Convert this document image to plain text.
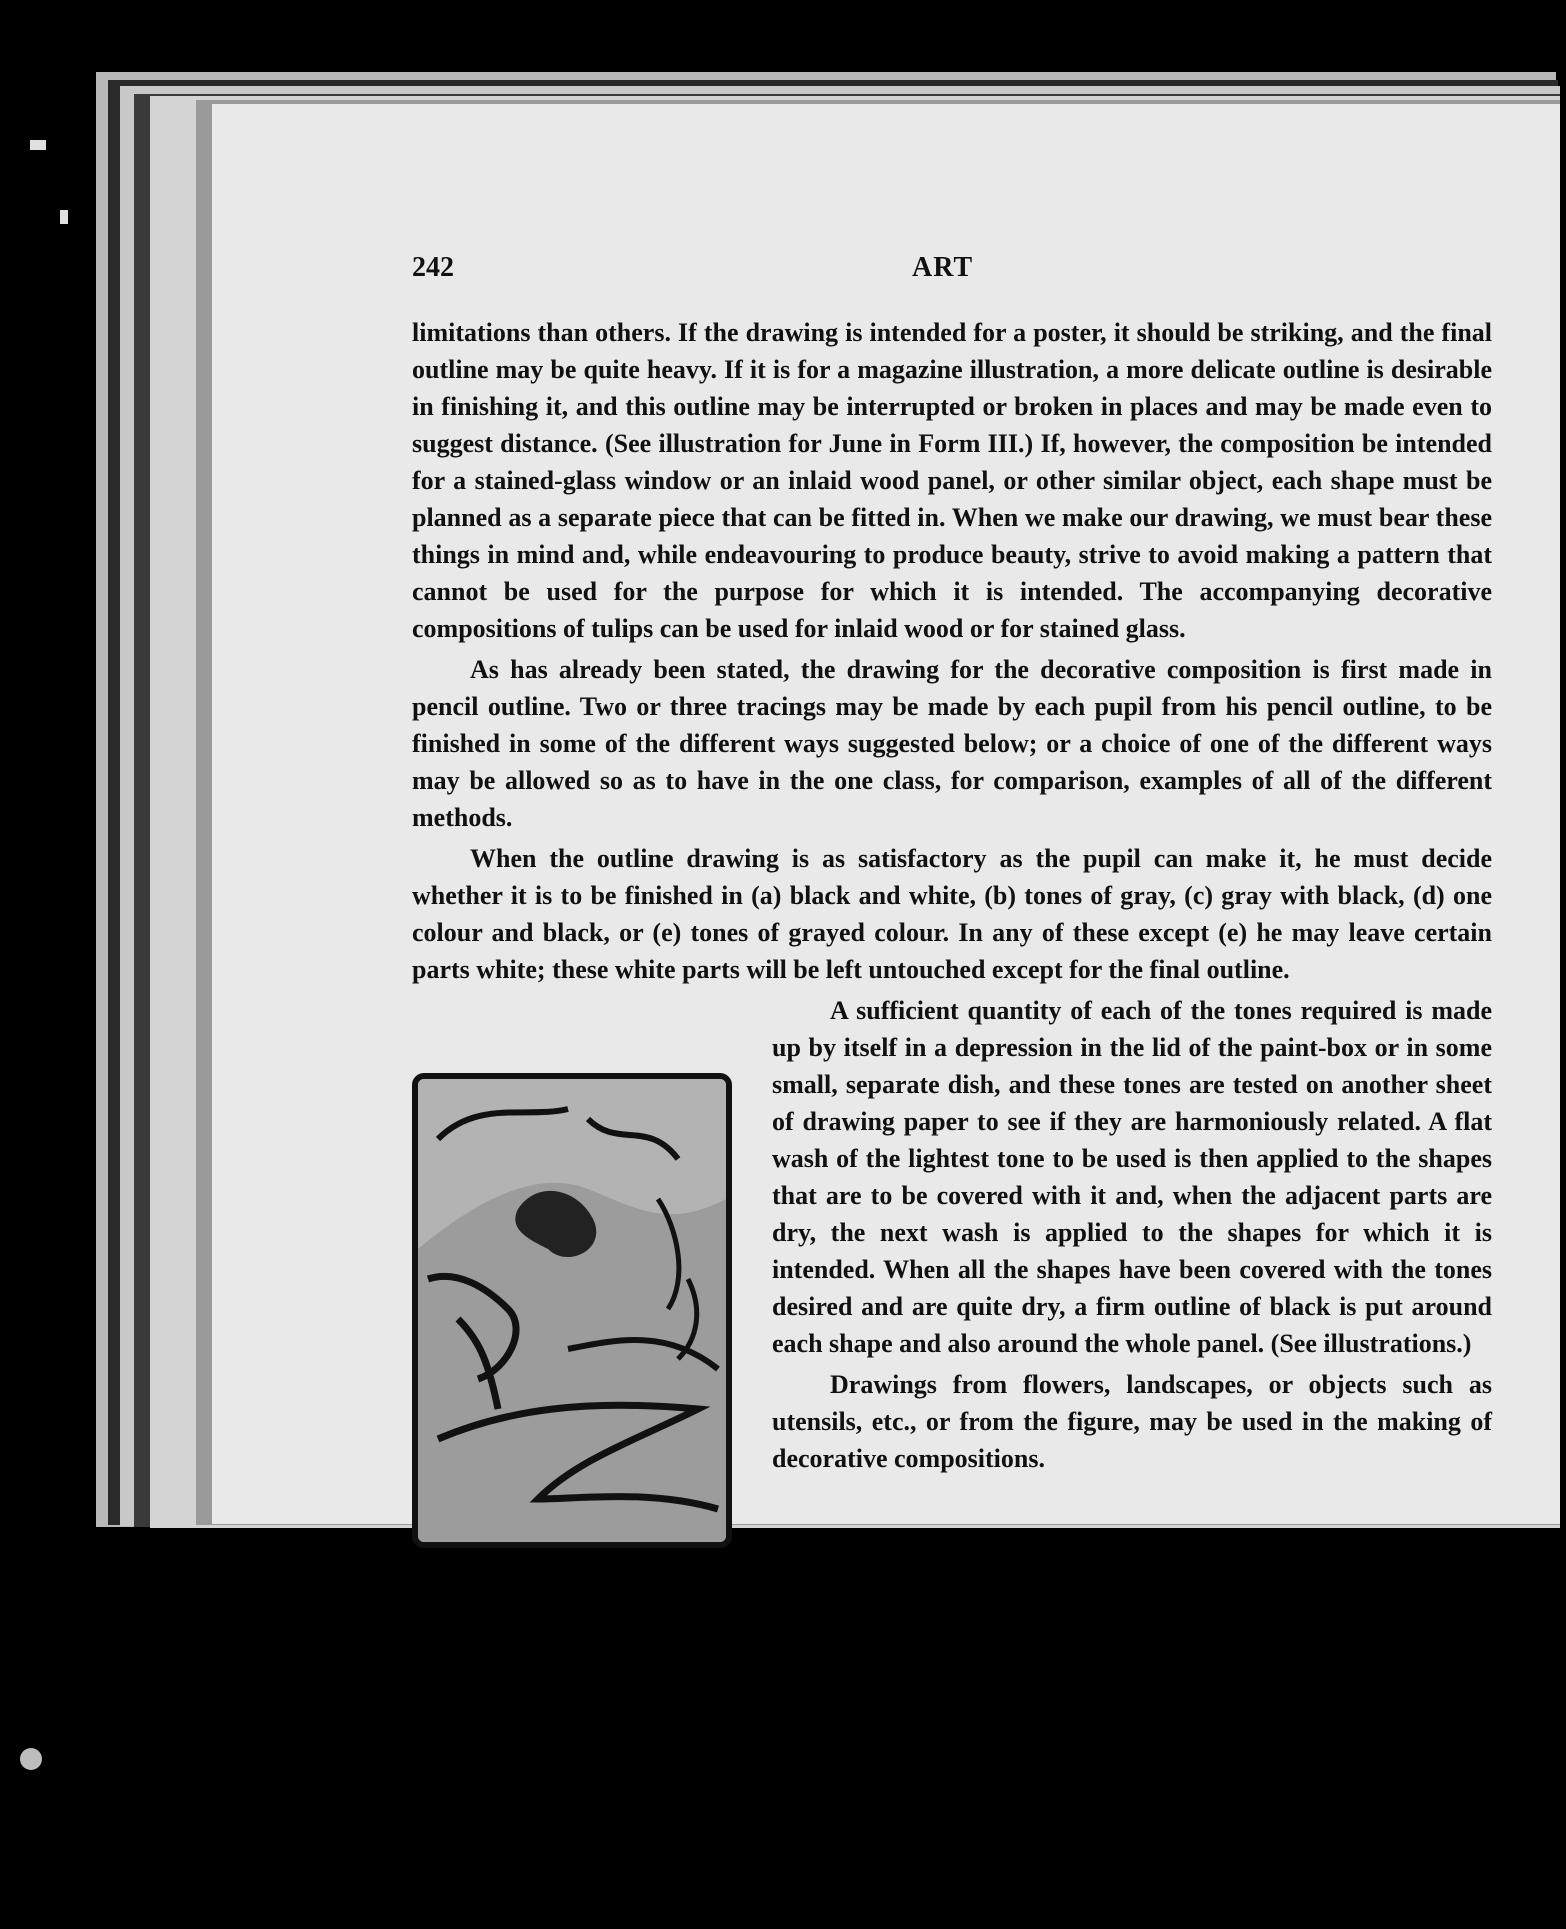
242	ART

limitations than others. If the drawing is intended for a poster, it should be striking, and the final outline may be quite heavy. If it is for a magazine illustration, a more delicate outline is desirable in finishing it, and this outline may be interrupted or broken in places and may be made even to suggest distance. (See illustration for June in Form III.) If, however, the composition be intended for a stained-glass window or an inlaid wood panel, or other similar object, each shape must be planned as a separate piece that can be fitted in. When we make our drawing, we must bear these things in mind and, while endeavouring to produce beauty, strive to avoid making a pattern that cannot be used for the purpose for which it is intended. The accompanying decorative compositions of tulips can be used for inlaid wood or for stained glass.

As has already been stated, the drawing for the decorative composition is first made in pencil outline. Two or three tracings may be made by each pupil from his pencil outline, to be finished in some of the different ways suggested below; or a choice of one of the different ways may be allowed so as to have in the one class, for comparison, examples of all of the different methods.

When the outline drawing is as satisfactory as the pupil can make it, he must decide whether it is to be finished in (a) black and white, (b) tones of gray, (c) gray with black, (d) one colour and black, or (e) tones of grayed colour. In any of these except (e) he may leave certain parts white; these white parts will be left untouched except for the final outline.

A sufficient quantity of each of the tones required is made up by itself in a depression in the lid of the paint-box or in some small, separate dish, and these tones are tested on another sheet of drawing paper to see if they are harmoniously related. A flat wash of the lightest tone to be used is then applied to the shapes that are to be covered with it and, when the adjacent parts are dry, the next wash is applied to the shapes for which it is intended. When all the shapes have been covered with the tones desired and are quite dry, a firm outline of black is put around each shape and also around the whole panel. (See illustrations.)

Drawings from flowers, landscapes, or objects such as utensils, etc., or from the figure, may be used in the making of decorative compositions.
